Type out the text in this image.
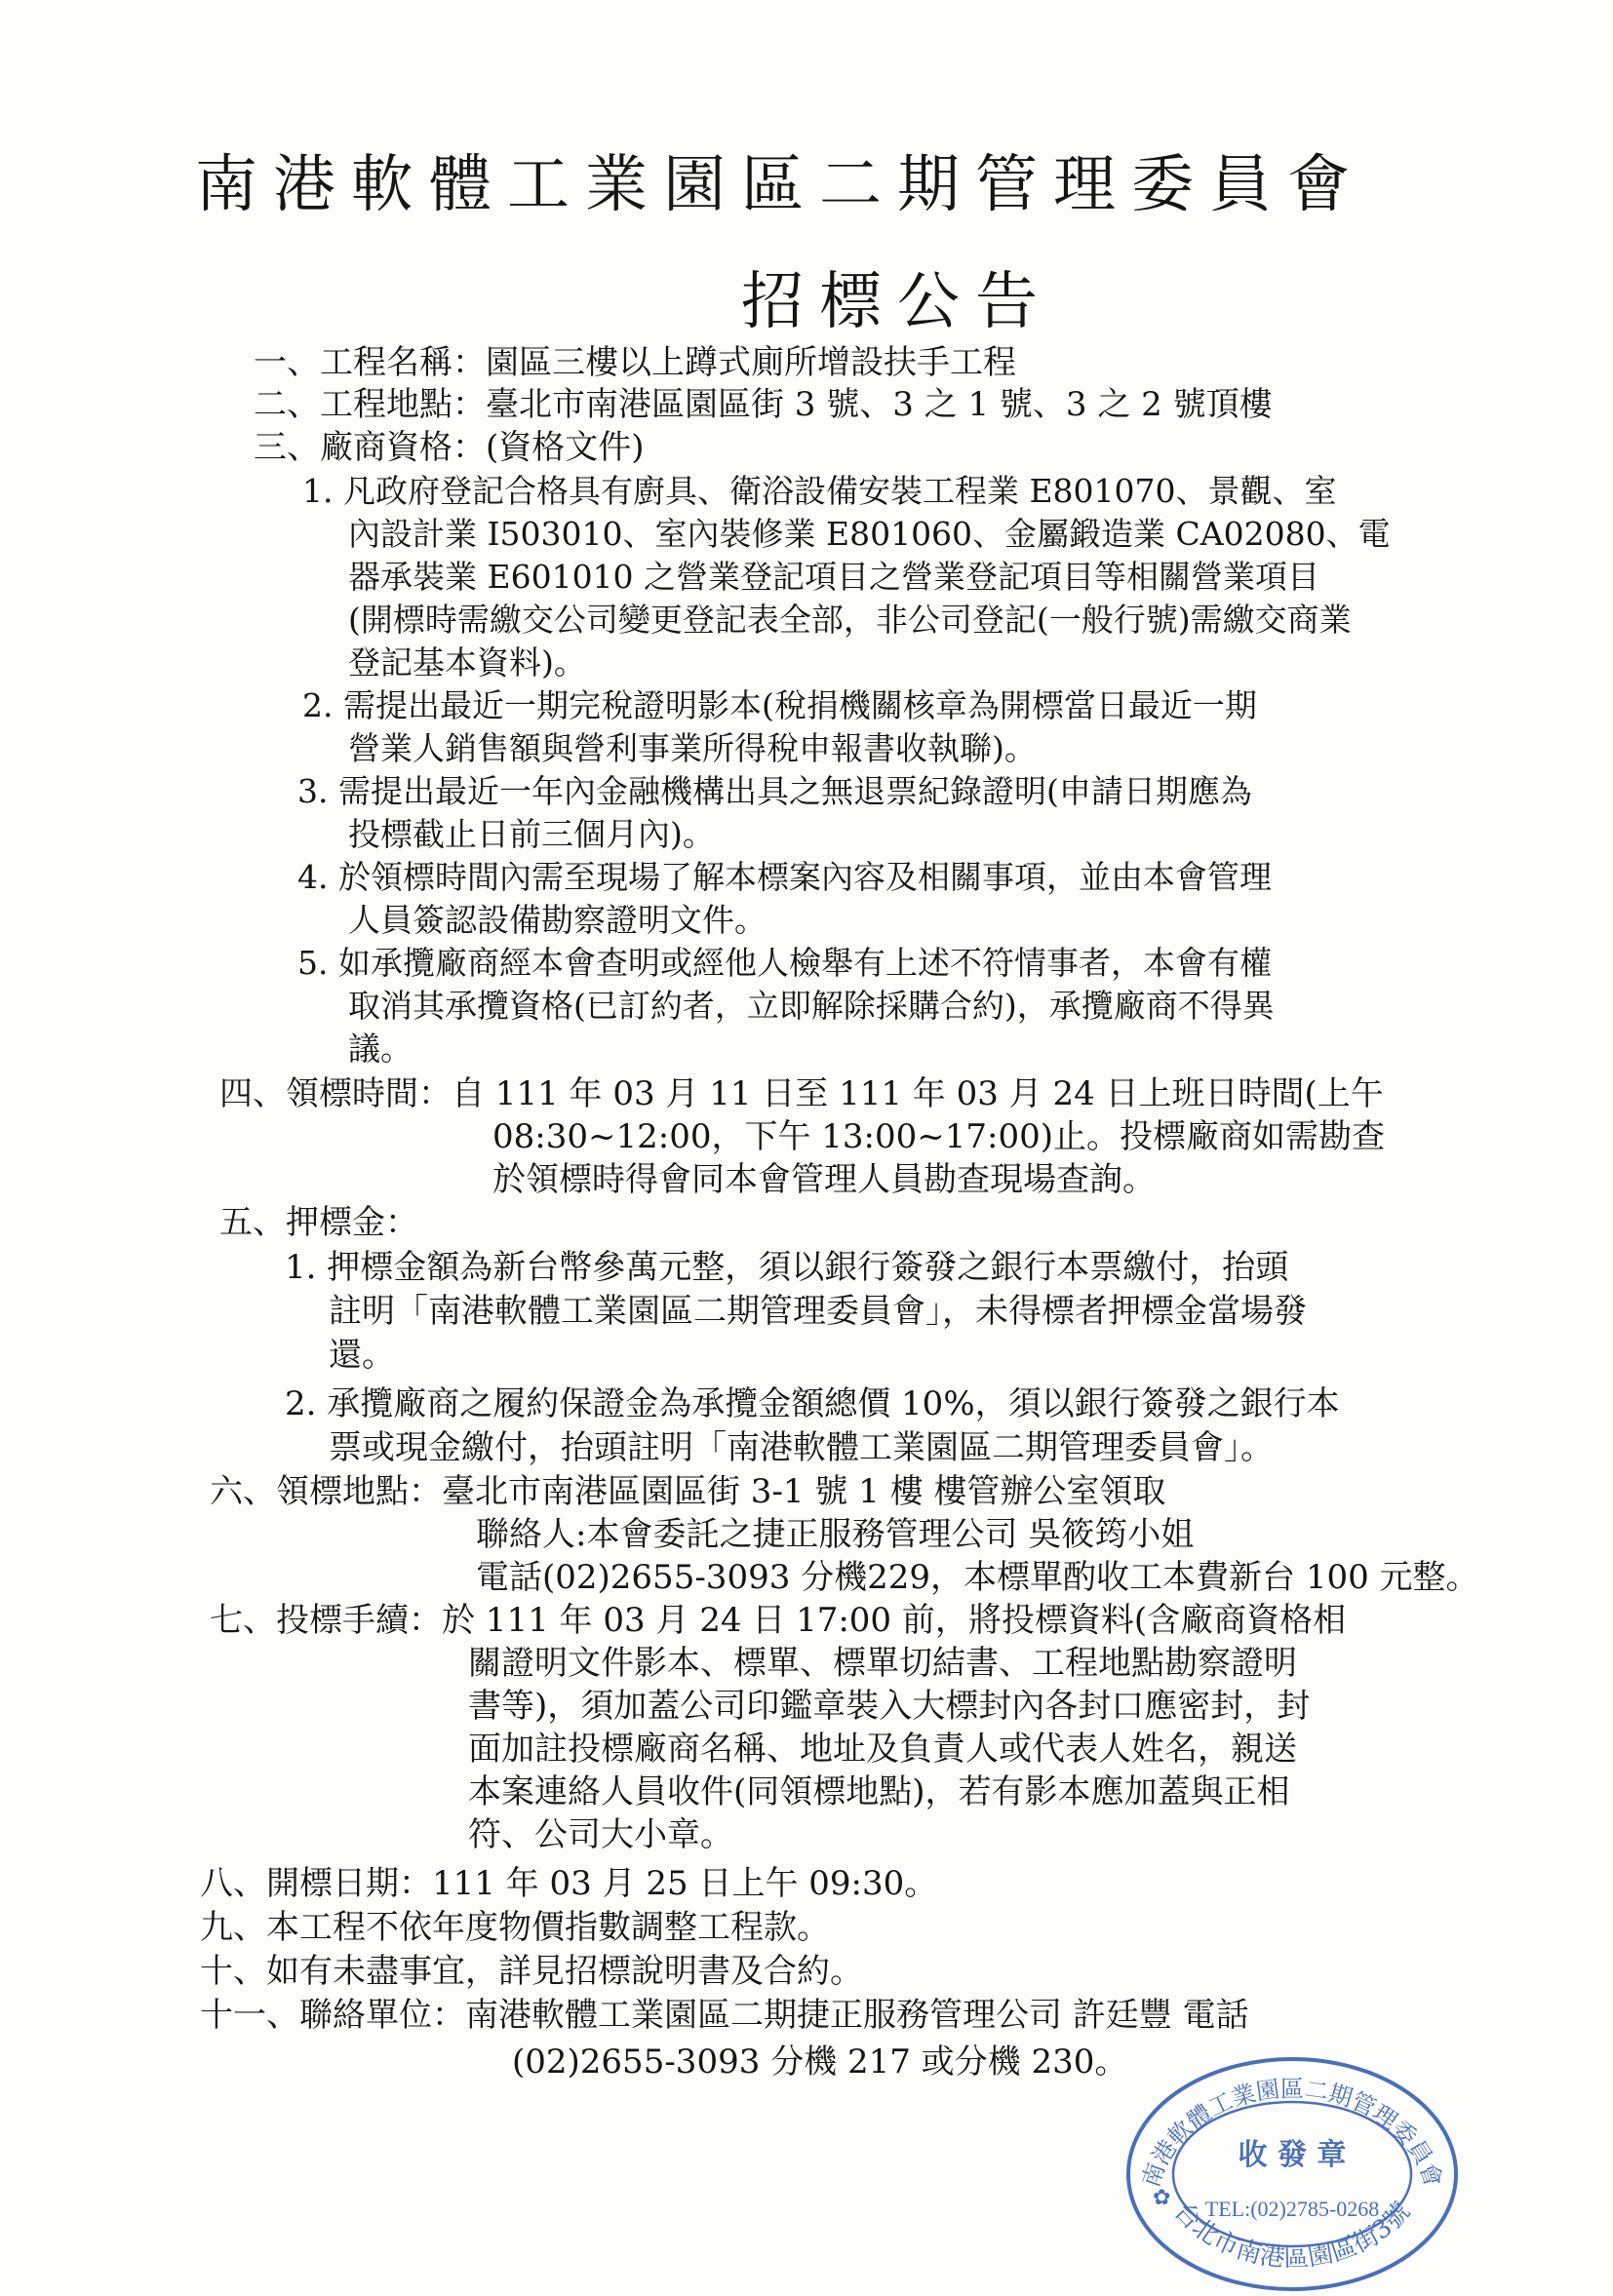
南港軟體工業園區二期管理委員會
招標公告
一、工程名稱：園區三樓以上蹲式廁所增設扶手工程
二、工程地點：臺北市南港區園區街 3 號、3 之 1 號、3 之 2 號頂樓
三、廠商資格：(資格文件)
1. 凡政府登記合格具有廚具、衛浴設備安裝工程業 E801070、景觀、室
內設計業 I503010、室內裝修業 E801060、金屬鍛造業 CA02080、電
器承裝業 E601010 之營業登記項目之營業登記項目等相關營業項目
(開標時需繳交公司變更登記表全部，非公司登記(一般行號)需繳交商業
登記基本資料)。
2. 需提出最近一期完稅證明影本(稅捐機關核章為開標當日最近一期
營業人銷售額與營利事業所得稅申報書收執聯)。
3. 需提出最近一年內金融機構出具之無退票紀錄證明(申請日期應為
投標截止日前三個月內)。
4. 於領標時間內需至現場了解本標案內容及相關事項，並由本會管理
人員簽認設備勘察證明文件。
5. 如承攬廠商經本會查明或經他人檢舉有上述不符情事者，本會有權
取消其承攬資格(已訂約者，立即解除採購合約)，承攬廠商不得異
議。
四、領標時間：自 111 年 03 月 11 日至 111 年 03 月 24 日上班日時間(上午
08:30~12:00，下午 13:00~17:00)止。投標廠商如需勘查
於領標時得會同本會管理人員勘查現場查詢。
五、押標金：
1. 押標金額為新台幣參萬元整，須以銀行簽發之銀行本票繳付，抬頭
註明「南港軟體工業園區二期管理委員會」，未得標者押標金當場發
還。
2. 承攬廠商之履約保證金為承攬金額總價 10%，須以銀行簽發之銀行本
票或現金繳付，抬頭註明「南港軟體工業園區二期管理委員會」。
六、領標地點：臺北市南港區園區街 3-1 號 1 樓 樓管辦公室領取
聯絡人:本會委託之捷正服務管理公司 吳筱筠小姐
電話(02)2655-3093 分機229，本標單酌收工本費新台 100 元整。
七、投標手續：於 111 年 03 月 24 日 17:00 前，將投標資料(含廠商資格相
關證明文件影本、標單、標單切結書、工程地點勘察證明
書等)，須加蓋公司印鑑章裝入大標封內各封口應密封，封
面加註投標廠商名稱、地址及負責人或代表人姓名，親送
本案連絡人員收件(同領標地點)，若有影本應加蓋與正相
符、公司大小章。
八、開標日期：111 年 03 月 25 日上午 09:30。
九、本工程不依年度物價指數調整工程款。
十、如有未盡事宜，詳見招標說明書及合約。
十一、聯絡單位：南港軟體工業園區二期捷正服務管理公司 許廷豐 電話
(02)2655-3093 分機 217 或分機 230。
南港軟體工業園區二期管理委員會
台北市南港區園區街3號
收 發 章
TEL:(02)2785-0268
✿
